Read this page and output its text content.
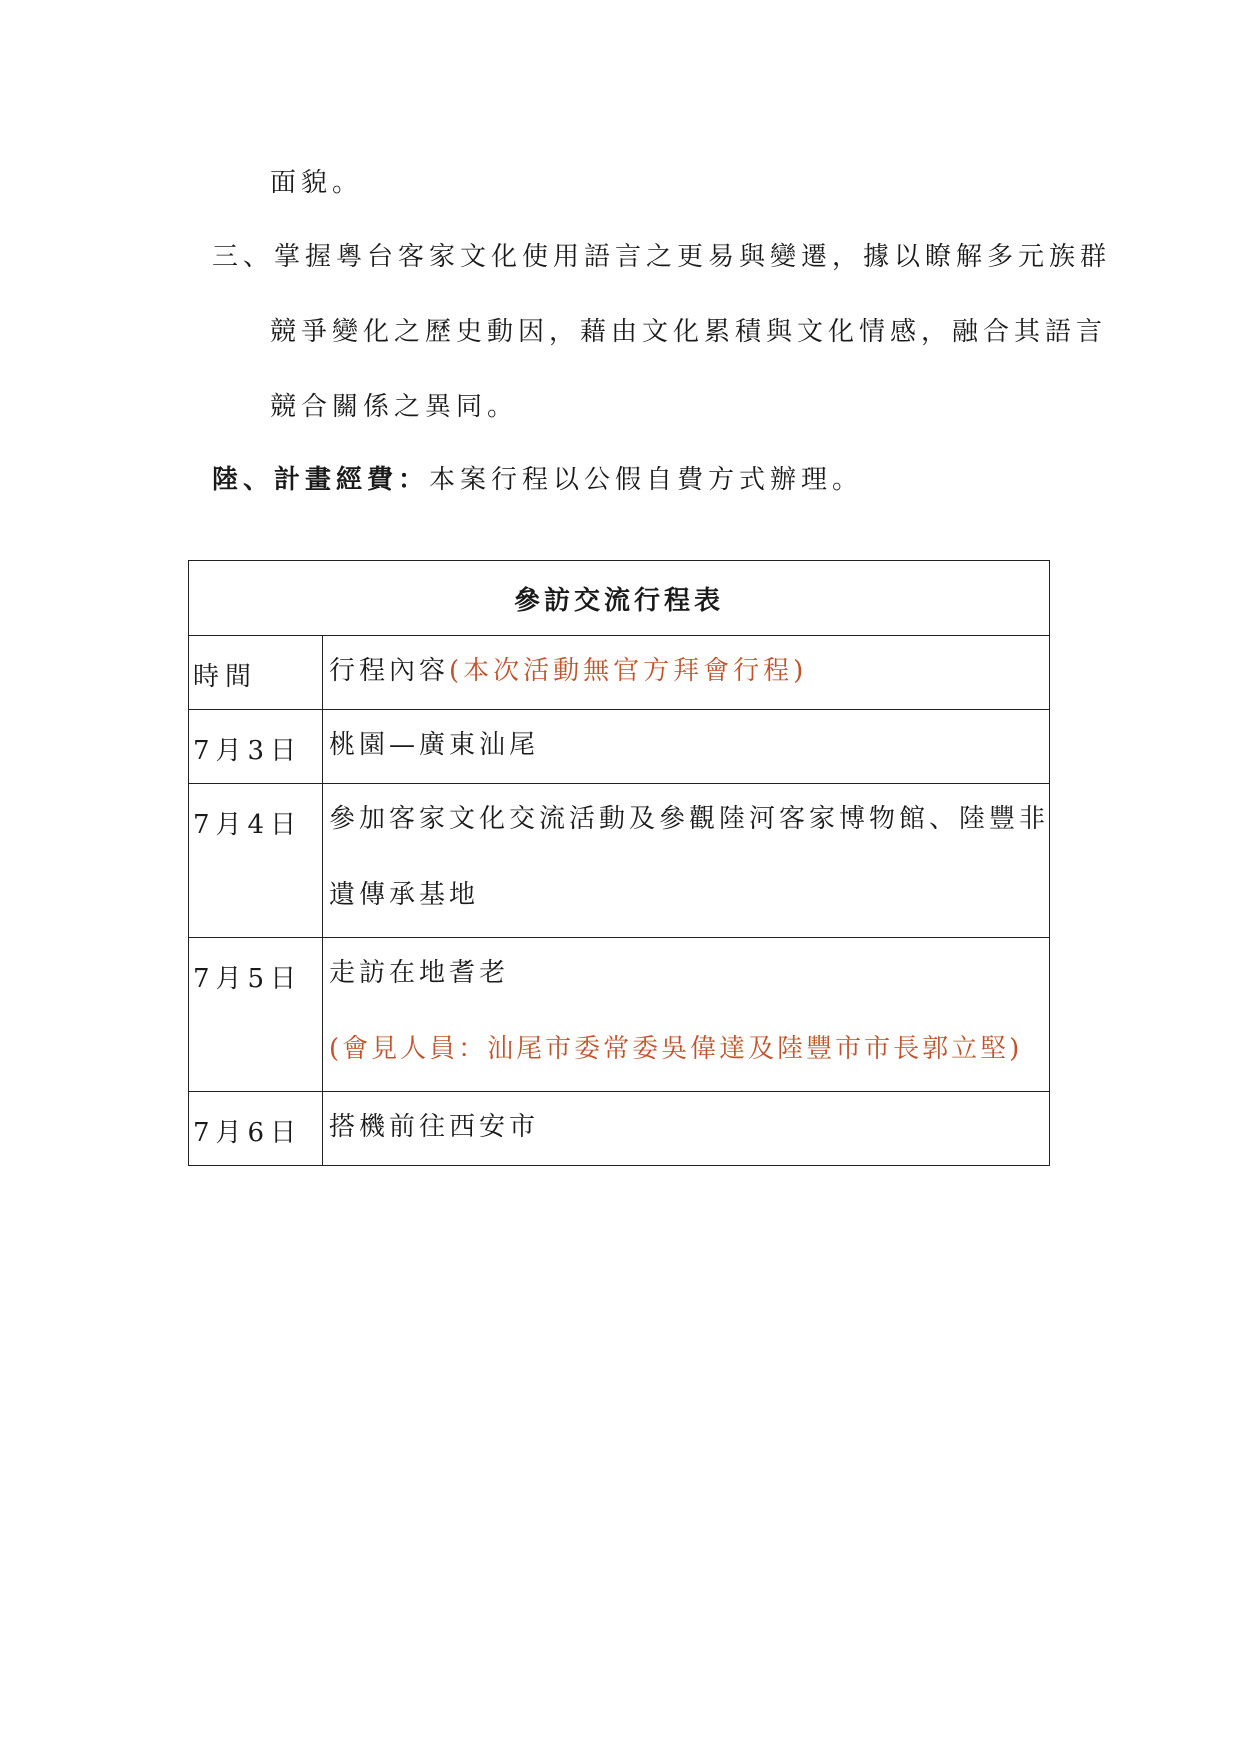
面貌。
三、掌握粵台客家文化使用語言之更易與變遷，據以瞭解多元族群
競爭變化之歷史動因，藉由文化累積與文化情感，融合其語言
競合關係之異同。
陸、計畫經費：本案行程以公假自費方式辦理。
參訪交流行程表	
時間	行程內容(本次活動無官方拜會行程)

7月3日	桃園—廣東汕尾

7月4日	參加客家文化交流活動及參觀陸河客家博物館、陸豐非
遺傳承基地

7月5日	走訪在地耆老
(會見人員：汕尾市委常委吳偉達及陸豐市市長郭立堅)

7月6日	搭機前往西安市
